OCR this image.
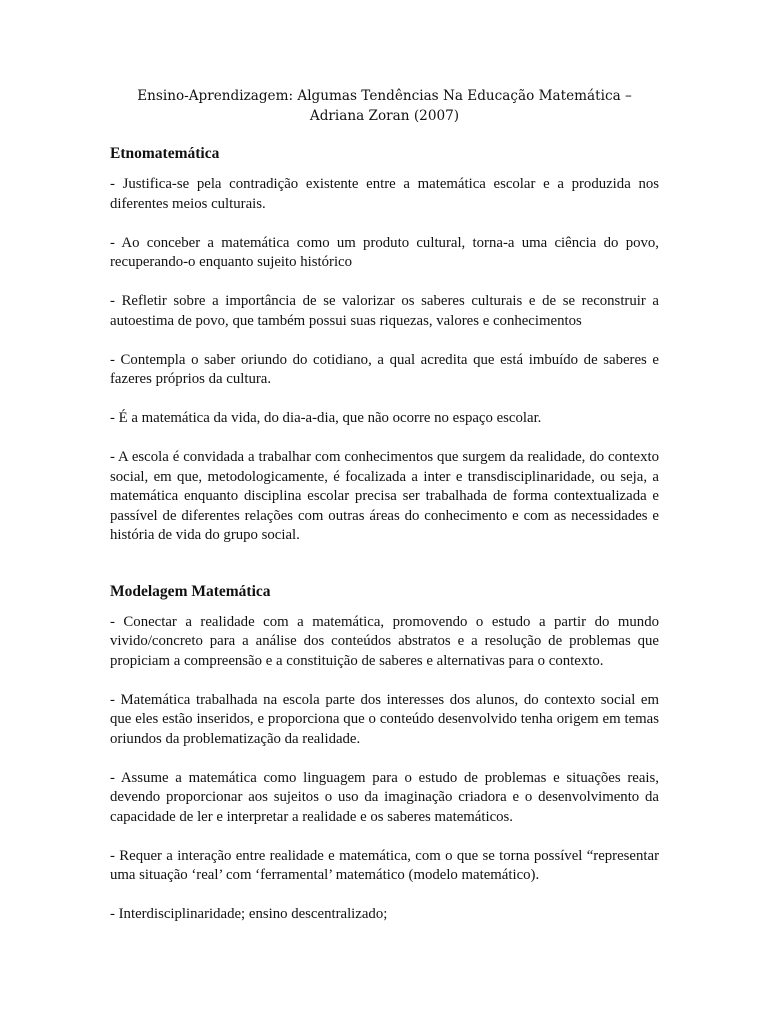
Ensino-Aprendizagem: Algumas Tendências Na Educação Matemática – Adriana Zoran (2007)
Etnomatemática

- Justifica-se pela contradição existente entre a matemática escolar e a produzida nos diferentes meios culturais.

- Ao conceber a matemática como um produto cultural, torna-a uma ciência do povo, recuperando-o enquanto sujeito histórico

- Refletir sobre a importância de se valorizar os saberes culturais e de se reconstruir a autoestima de povo, que também possui suas riquezas, valores e conhecimentos

- Contempla o saber oriundo do cotidiano, a qual acredita que está imbuído de saberes e fazeres próprios da cultura.

- É a matemática da vida, do dia-a-dia, que não ocorre no espaço escolar.

- A escola é convidada a trabalhar com conhecimentos que surgem da realidade, do contexto social, em que, metodologicamente, é focalizada a inter e transdisciplinaridade, ou seja, a matemática enquanto disciplina escolar precisa ser trabalhada de forma contextualizada e passível de diferentes relações com outras áreas do conhecimento e com as necessidades e história de vida do grupo social.

Modelagem Matemática

- Conectar a realidade com a matemática, promovendo o estudo a partir do mundo vivido/concreto para a análise dos conteúdos abstratos e a resolução de problemas que propiciam a compreensão e a constituição de saberes e alternativas para o contexto.

- Matemática trabalhada na escola parte dos interesses dos alunos, do contexto social em que eles estão inseridos, e proporciona que o conteúdo desenvolvido tenha origem em temas oriundos da problematização da realidade.

- Assume a matemática como linguagem para o estudo de problemas e situações reais, devendo proporcionar aos sujeitos o uso da imaginação criadora e o desenvolvimento da capacidade de ler e interpretar a realidade e os saberes matemáticos.

- Requer a interação entre realidade e matemática, com o que se torna possível “representar uma situação ‘real’ com ‘ferramental’ matemático (modelo matemático).

- Interdisciplinaridade; ensino descentralizado;
